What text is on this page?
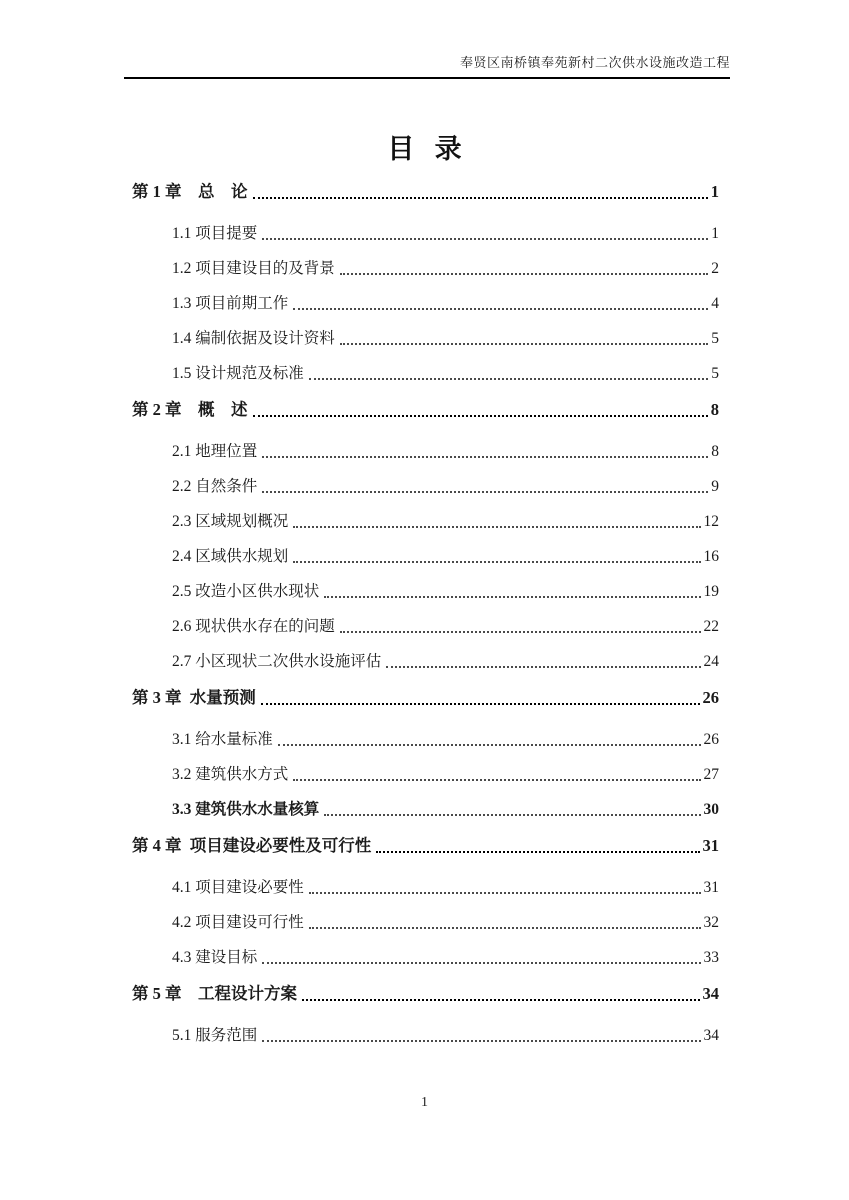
奉贤区南桥镇奉苑新村二次供水设施改造工程
目   录
第 1 章　总　论	1
1.1 项目提要	1
1.2 项目建设目的及背景	2
1.3 项目前期工作	4
1.4 编制依据及设计资料	5
1.5 设计规范及标准	5
第 2 章　概　述	8
2.1 地理位置	8
2.2 自然条件	9
2.3 区域规划概况	12
2.4 区域供水规划	16
2.5 改造小区供水现状	19
2.6 现状供水存在的问题	22
2.7 小区现状二次供水设施评估	24
第 3 章  水量预测	26
3.1 给水量标准	26
3.2 建筑供水方式	27
3.3 建筑供水水量核算	30
第 4 章  项目建设必要性及可行性	31
4.1 项目建设必要性	31
4.2 项目建设可行性	32
4.3 建设目标	33
第 5 章　工程设计方案	34
5.1 服务范围	34
1
